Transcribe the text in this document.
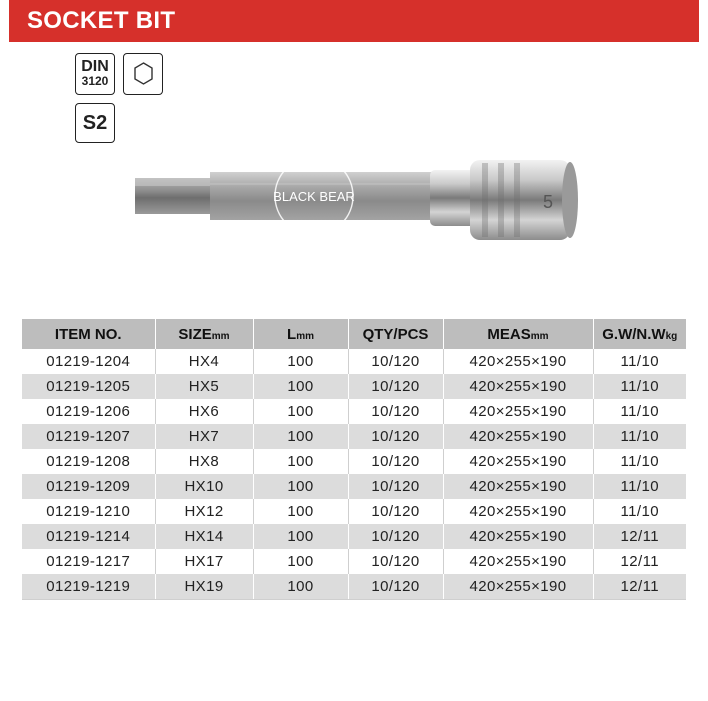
SOCKET BIT
DIN
3120
S2
BLACK BEAR	5
ITEM NO.	SIZEmm	Lmm	QTY/PCS	MEASmm	G.W/N.Wkg
01219-1204	HX4	100	10/120	420×255×190	11/10
01219-1205	HX5	100	10/120	420×255×190	11/10
01219-1206	HX6	100	10/120	420×255×190	11/10
01219-1207	HX7	100	10/120	420×255×190	11/10
01219-1208	HX8	100	10/120	420×255×190	11/10
01219-1209	HX10	100	10/120	420×255×190	11/10
01219-1210	HX12	100	10/120	420×255×190	11/10
01219-1214	HX14	100	10/120	420×255×190	12/11
01219-1217	HX17	100	10/120	420×255×190	12/11
01219-1219	HX19	100	10/120	420×255×190	12/11
